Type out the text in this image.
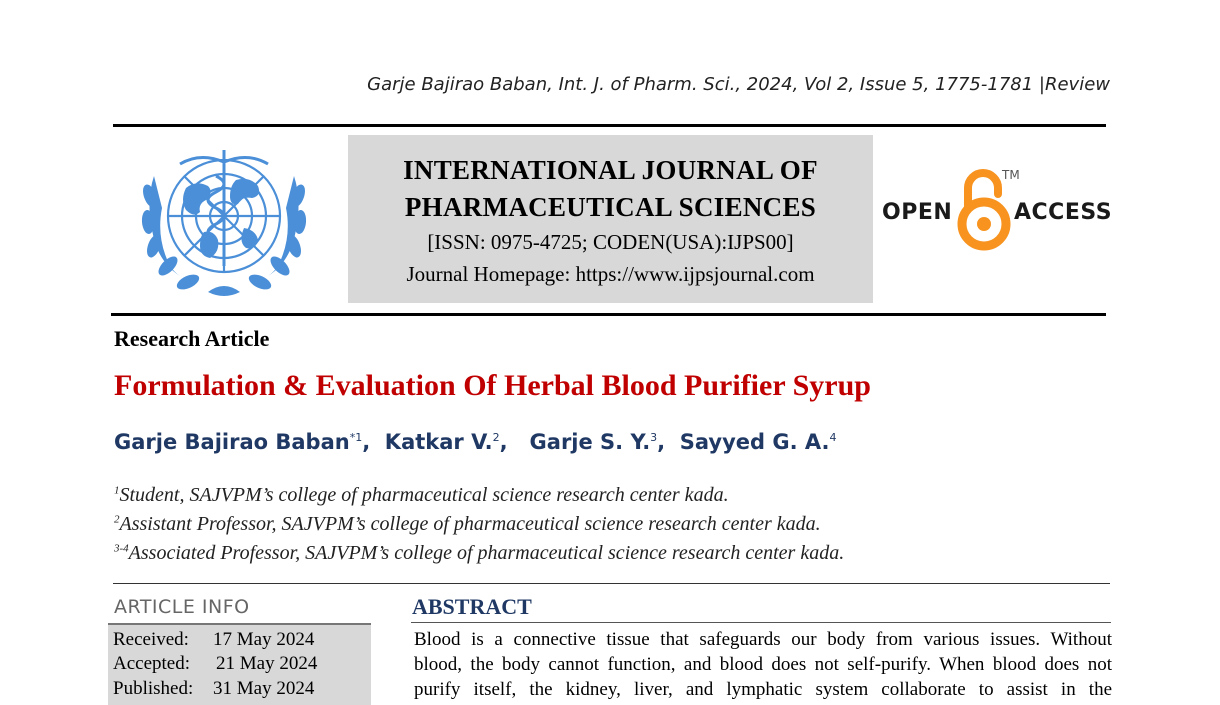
Garje Bajirao Baban, Int. J. of Pharm. Sci., 2024, Vol 2, Issue 5, 1775-1781 |Review
INTERNATIONAL JOURNAL OF
PHARMACEUTICAL SCIENCES
[ISSN: 0975-4725; CODEN(USA):IJPS00]
Journal Homepage: https://www.ijpsjournal.com
OPEN
TM
ACCESS
Research Article
Formulation & Evaluation Of Herbal Blood Purifier Syrup
Garje Bajirao Baban$^{*1}$,  Katkar V.$^2$,   Garje S. Y.$^3$,  Sayyed G. A.$^4$
$^1$Student, SAJVPM’s college of pharmaceutical science research center kada.
$^2$Assistant Professor, SAJVPM’s college of pharmaceutical science research center kada.
$^{3-4}$Associated Professor, SAJVPM’s college of pharmaceutical science research center kada.
ARTICLE INFO
Received: 17 May 2024
Accepted: 21 May 2024
Published: 31 May 2024
ABSTRACT
Blood is a connective tissue that safeguards our body from various issues. Without
blood, the body cannot function, and blood does not self-purify. When blood does not
purify itself, the kidney, liver, and lymphatic system collaborate to assist in the
